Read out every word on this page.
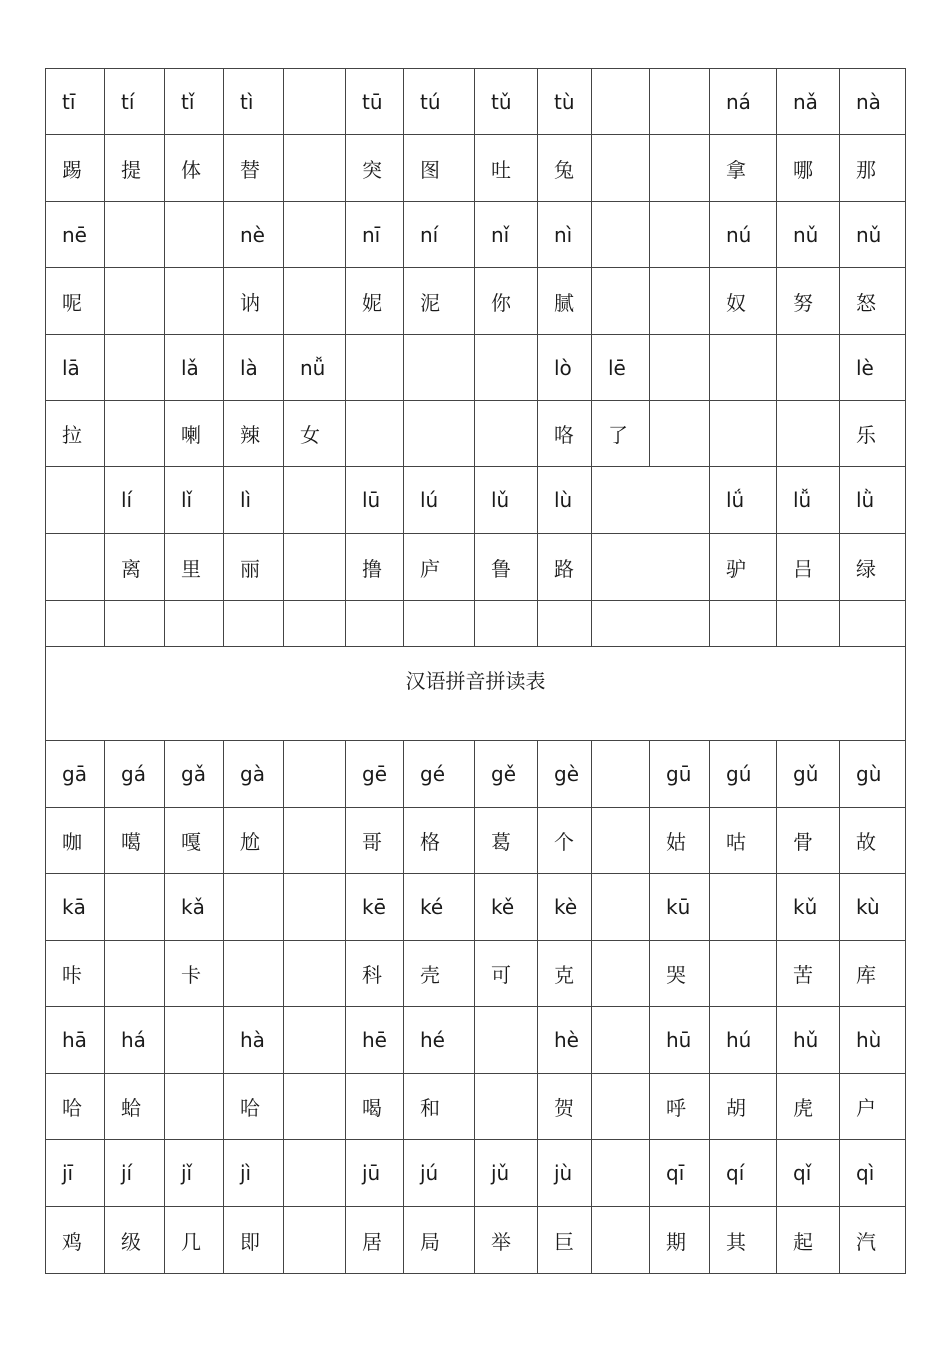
tī	tí	tǐ	tì		tū	tú	tǔ	tù			ná	nǎ	nà
踢	提	体	替		突	图	吐	兔			拿	哪	那
nē			nè		nī	ní	nǐ	nì			nú	nǔ	nǔ
呢			讷		妮	泥	你	腻			奴	努	怒
lā		lǎ	là	nǚ				lò	lē				lè
拉		喇	辣	女				咯	了				乐
	lí	lǐ	lì		lū	lú	lǔ	lù			lǘ	lǚ	lǜ
	离	里	丽		撸	庐	鲁	路			驴	吕	绿

汉语拼音拼读表													
gā	gá	gǎ	gà		gē	gé	gě	gè		gū	gú	gǔ	gù
咖	噶	嘎	尬		哥	格	葛	个		姑	咕	骨	故
kā		kǎ			kē	ké	kě	kè		kū		kǔ	kù
咔		卡			科	壳	可	克		哭		苦	库
hā	há		hà		hē	hé		hè		hū	hú	hǔ	hù
哈	蛤		哈		喝	和		贺		呼	胡	虎	户
jī	jí	jǐ	jì		jū	jú	jǔ	jù		qī	qí	qǐ	qì
鸡	级	几	即		居	局	举	巨		期	其	起	汽
